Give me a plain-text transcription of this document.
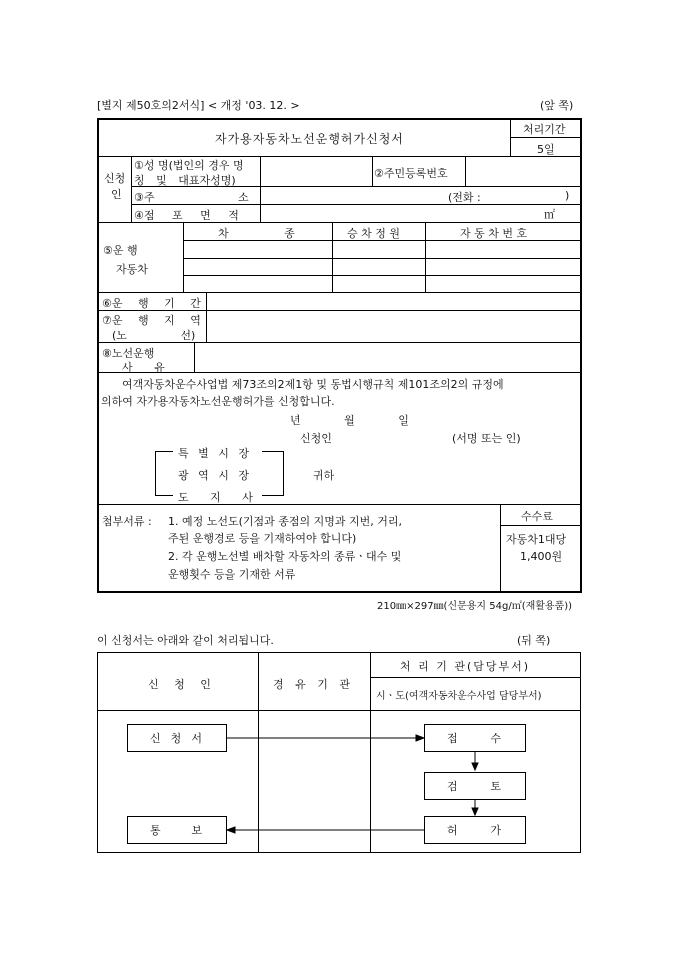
[별지 제50호의2서식] < 개정 '03. 12. >	(앞 쪽)
자가용자동차노선운행허가신청서
처리기간
5일
신청
인
①성 명(법인의 경우 명
칭 및 대표자성명)
②주민등록번호
③주 소	(전화 :	)
④점 포 면 적	㎡
⑤운 행
자동차
차 종	승 차 정 원	자 동 차 번 호
⑥운 행 기 간
⑦운 행 지 역
(노 선)
⑧노선운행
사 유
여객자동차운수사업법 제73조의2제1항 및 동법시행규칙 제101조의2의 규정에
의하여 자가용자동차노선운행허가를 신청합니다.
년 월 일
신청인	(서명 또는 인)
특 별 시 장
광 역 시 장
도 지 사
귀하
첨부서류 : 1. 예정 노선도(기점과 종점의 지명과 지번, 거리,
주된 운행경로 등을 기재하여야 합니다)
2. 각 운행노선별 배차할 자동차의 종류ㆍ대수 및
운행횟수 등을 기재한 서류
수수료
자동차1대당
1,400원
210㎜×297㎜(신문용지 54g/㎡(재활용품))
이 신청서는 아래와 같이 처리됩니다.	(뒤 쪽)
신 청 인	경 유 기 관
처 리 기 관(담당부서)
시ㆍ도(여객자동차운수사업 담당부서)
신 청 서	접	수
검	토
허	가
통	보
